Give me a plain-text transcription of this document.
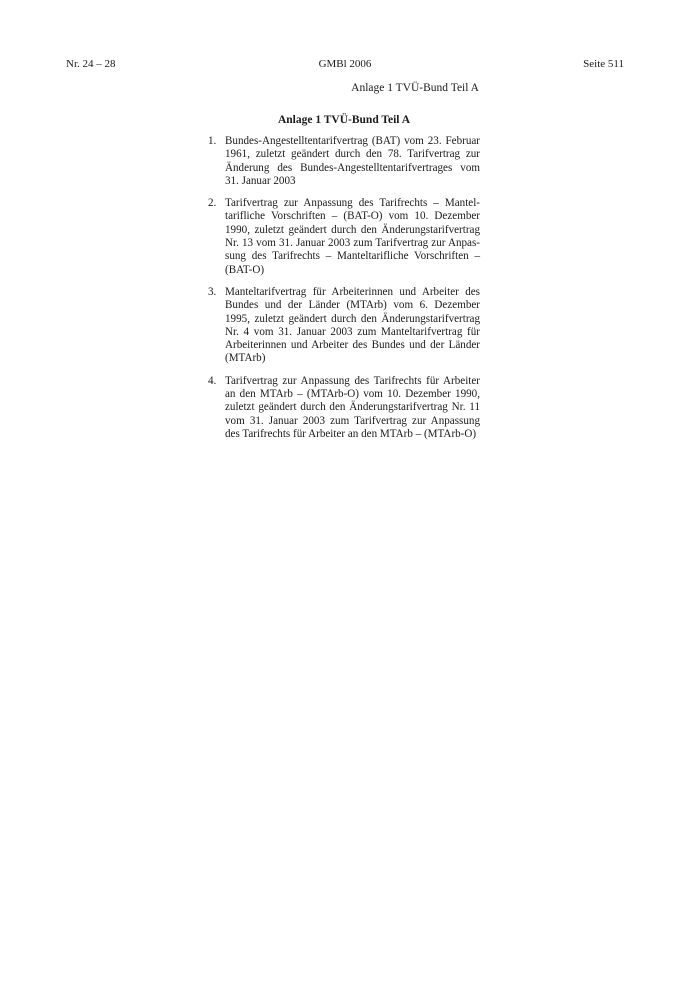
Nr. 24 – 28	GMBl 2006	Seite 511
Anlage 1 TVÜ-Bund Teil A
Anlage 1 TVÜ-Bund Teil A
1. Bundes-Angestelltentarifvertrag (BAT) vom 23. Februar 1961, zuletzt geändert durch den 78. Tarifvertrag zur Änderung des Bundes-Angestelltentarifvertrages vom 31. Januar 2003
2. Tarifvertrag zur Anpassung des Tarifrechts – Manteltarifliche Vorschriften – (BAT-O) vom 10. Dezember 1990, zuletzt geändert durch den Änderungstarifvertrag Nr. 13 vom 31. Januar 2003 zum Tarifvertrag zur Anpassung des Tarifrechts – Manteltarifliche Vorschriften – (BAT-O)
3. Manteltarifvertrag für Arbeiterinnen und Arbeiter des Bundes und der Länder (MTArb) vom 6. Dezember 1995, zuletzt geändert durch den Änderungstarifvertrag Nr. 4 vom 31. Januar 2003 zum Manteltarifvertrag für Arbeiterinnen und Arbeiter des Bundes und der Länder (MTArb)
4. Tarifvertrag zur Anpassung des Tarifrechts für Arbeiter an den MTArb – (MTArb-O) vom 10. Dezember 1990, zuletzt geändert durch den Änderungstarifvertrag Nr. 11 vom 31. Januar 2003 zum Tarifvertrag zur Anpassung des Tarifrechts für Arbeiter an den MTArb – (MTArb-O)
